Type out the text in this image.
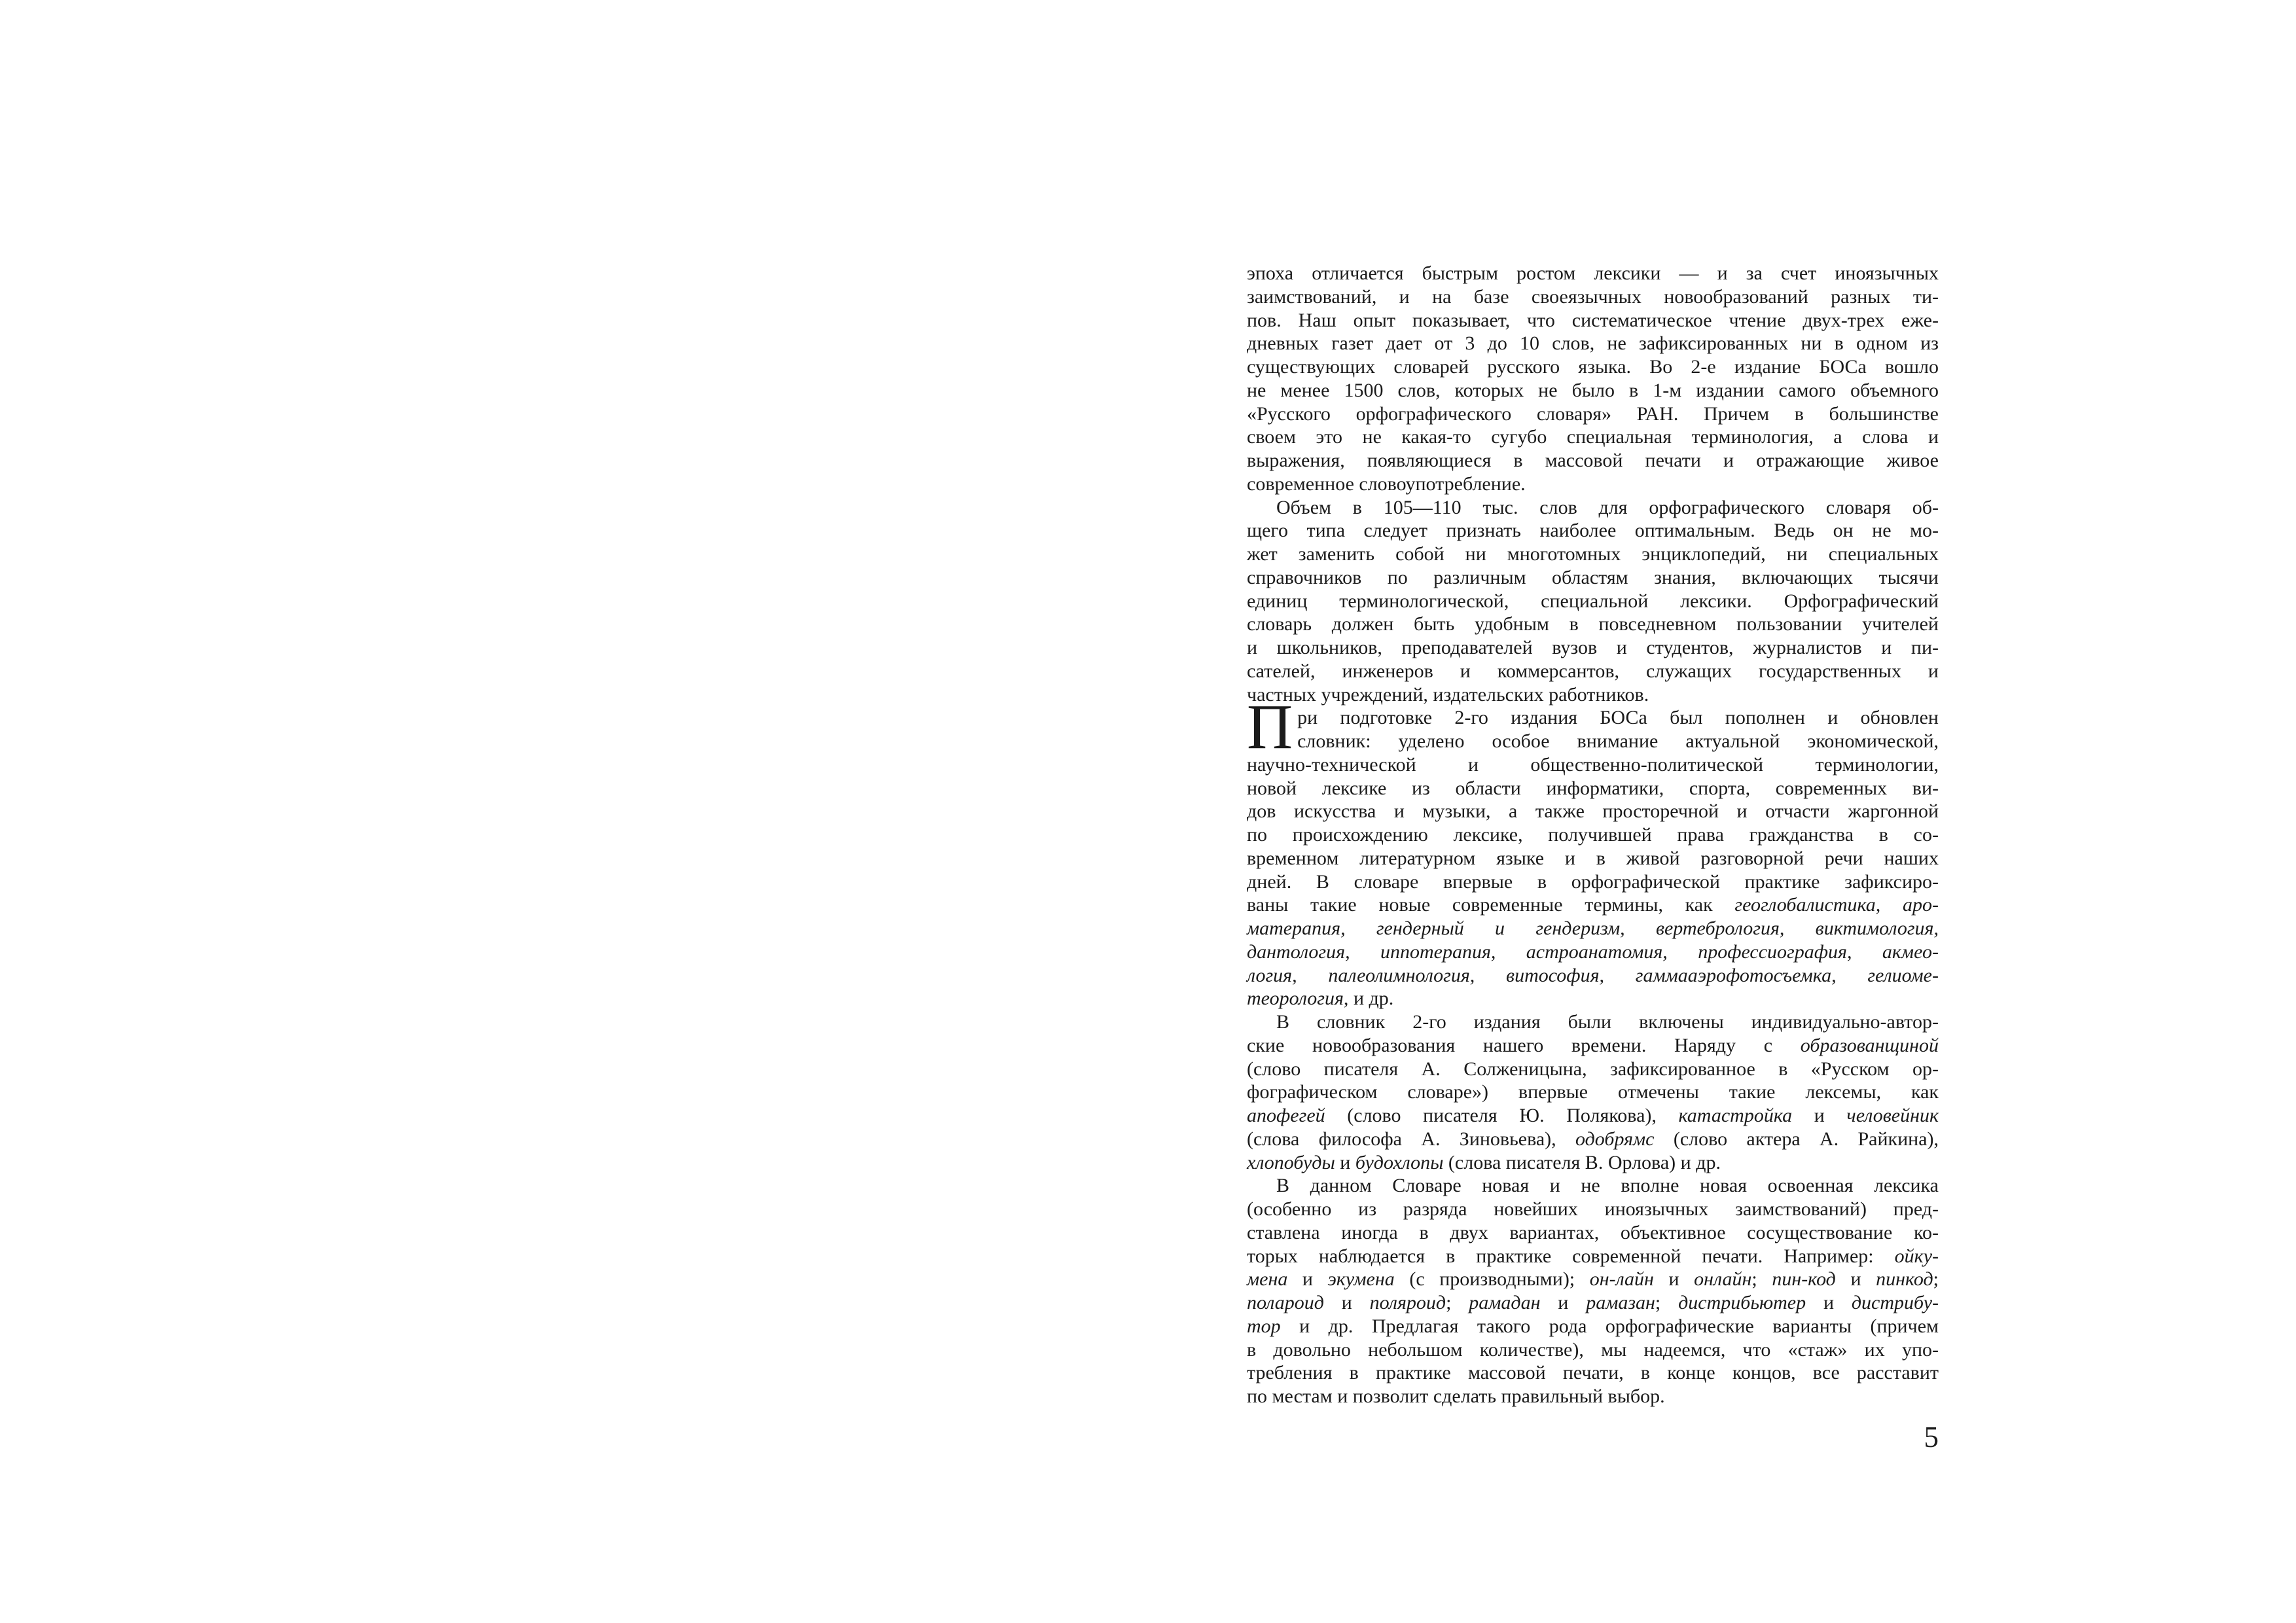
эпоха отличается быстрым ростом лексики — и за счет иноязычных
заимствований, и на базе своеязычных новообразований разных ти-
пов. Наш опыт показывает, что систематическое чтение двух-трех еже-
дневных газет дает от 3 до 10 слов, не зафиксированных ни в одном из
существующих словарей русского языка. Во 2-е издание БОСа вошло
не менее 1500 слов, которых не было в 1-м издании самого объемного
«Русского орфографического словаря» РАН. Причем в большинстве
своем это не какая-то сугубо специальная терминология, а слова и
выражения, появляющиеся в массовой печати и отражающие живое
современное словоупотребление.
Объем в 105—110 тыс. слов для орфографического словаря об-
щего типа следует признать наиболее оптимальным. Ведь он не мо-
жет заменить собой ни многотомных энциклопедий, ни специальных
справочников по различным областям знания, включающих тысячи
единиц терминологической, специальной лексики. Орфографический
словарь должен быть удобным в повседневном пользовании учителей
и школьников, преподавателей вузов и студентов, журналистов и пи-
сателей, инженеров и коммерсантов, служащих государственных и
частных учреждений, издательских работников.
При подготовке 2-го издания БОСа был пополнен и обновлен
словник: уделено особое внимание актуальной экономической,
научно-технической и общественно-политической терминологии,
новой лексике из области информатики, спорта, современных ви-
дов искусства и музыки, а также просторечной и отчасти жаргонной
по происхождению лексике, получившей права гражданства в со-
временном литературном языке и в живой разговорной речи наших
дней. В словаре впервые в орфографической практике зафиксиро-
ваны такие новые современные термины, как геоглобалистика, аро-
матерапия, гендерный и гендеризм, вертебрология, виктимология,
дантология, иппотерапия, астроанатомия, профессиография, акмео-
логия, палеолимнология, витософия, гаммааэрофотосъемка, гелиоме-
теорология, и др.
В словник 2-го издания были включены индивидуально-автор-
ские новообразования нашего времени. Наряду с образованщиной
(слово писателя А. Солженицына, зафиксированное в «Русском ор-
фографическом словаре») впервые отмечены такие лексемы, как
апофегей (слово писателя Ю. Полякова), катастройка и человейник
(слова философа А. Зиновьева), одобрямс (слово актера А. Райкина),
хлопобуды и будохлопы (слова писателя В. Орлова) и др.
В данном Словаре новая и не вполне новая освоенная лексика
(особенно из разряда новейших иноязычных заимствований) пред-
ставлена иногда в двух вариантах, объективное сосуществование ко-
торых наблюдается в практике современной печати. Например: ойку-
мена и экумена (с производными); он-лайн и онлайн; пин-код и пинкод;
полароид и поляроид; рамадан и рамазан; дистрибьютер и дистрибу-
тор и др. Предлагая такого рода орфографические варианты (причем
в довольно небольшом количестве), мы надеемся, что «стаж» их упо-
требления в практике массовой печати, в конце концов, все расставит
по местам и позволит сделать правильный выбор.
5
